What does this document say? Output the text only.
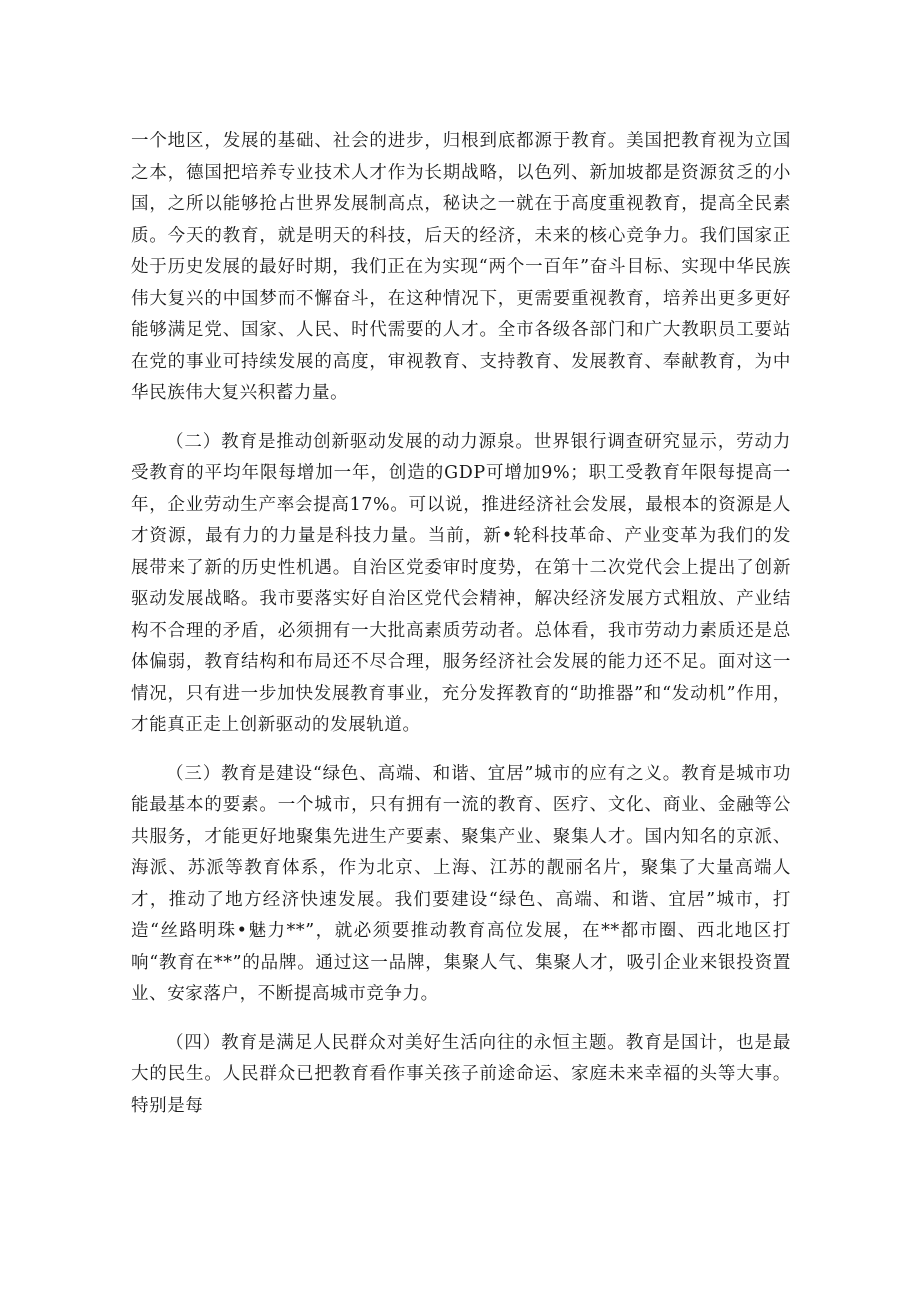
一个地区，发展的基础、社会的进步，归根到底都源于教育。美国把教育视为立国之本，德国把培养专业技术人才作为长期战略，以色列、新加坡都是资源贫乏的小国，之所以能够抢占世界发展制高点，秘诀之一就在于高度重视教育，提高全民素质。今天的教育，就是明天的科技，后天的经济，未来的核心竞争力。我们国家正处于历史发展的最好时期，我们正在为实现“两个一百年”奋斗目标、实现中华民族伟大复兴的中国梦而不懈奋斗，在这种情况下，更需要重视教育，培养出更多更好能够满足党、国家、人民、时代需要的人才。全市各级各部门和广大教职员工要站在党的事业可持续发展的高度，审视教育、支持教育、发展教育、奉献教育，为中华民族伟大复兴积蓄力量。

（二）教育是推动创新驱动发展的动力源泉。世界银行调查研究显示，劳动力受教育的平均年限每增加一年，创造的GDP可增加9%；职工受教育年限每提高一年，企业劳动生产率会提高17%。可以说，推进经济社会发展，最根本的资源是人才资源，最有力的力量是科技力量。当前，新•轮科技革命、产业变革为我们的发展带来了新的历史性机遇。自治区党委审时度势，在第十二次党代会上提出了创新驱动发展战略。我市要落实好自治区党代会精神，解决经济发展方式粗放、产业结构不合理的矛盾，必须拥有一大批高素质劳动者。总体看，我市劳动力素质还是总体偏弱，教育结构和布局还不尽合理，服务经济社会发展的能力还不足。面对这一情况，只有进一步加快发展教育事业，充分发挥教育的“助推器”和“发动机”作用，才能真正走上创新驱动的发展轨道。

（三）教育是建设“绿色、高端、和谐、宜居”城市的应有之义。教育是城市功能最基本的要素。一个城市，只有拥有一流的教育、医疗、文化、商业、金融等公共服务，才能更好地聚集先进生产要素、聚集产业、聚集人才。国内知名的京派、海派、苏派等教育体系，作为北京、上海、江苏的靓丽名片，聚集了大量高端人才，推动了地方经济快速发展。我们要建设“绿色、高端、和谐、宜居”城市，打造“丝路明珠•魅力**”，就必须要推动教育高位发展，在**都市圈、西北地区打响“教育在**”的品牌。通过这一品牌，集聚人气、集聚人才，吸引企业来银投资置业、安家落户，不断提高城市竞争力。

（四）教育是满足人民群众对美好生活向往的永恒主题。教育是国计，也是最大的民生。人民群众已把教育看作事关孩子前途命运、家庭未来幸福的头等大事。特别是每
